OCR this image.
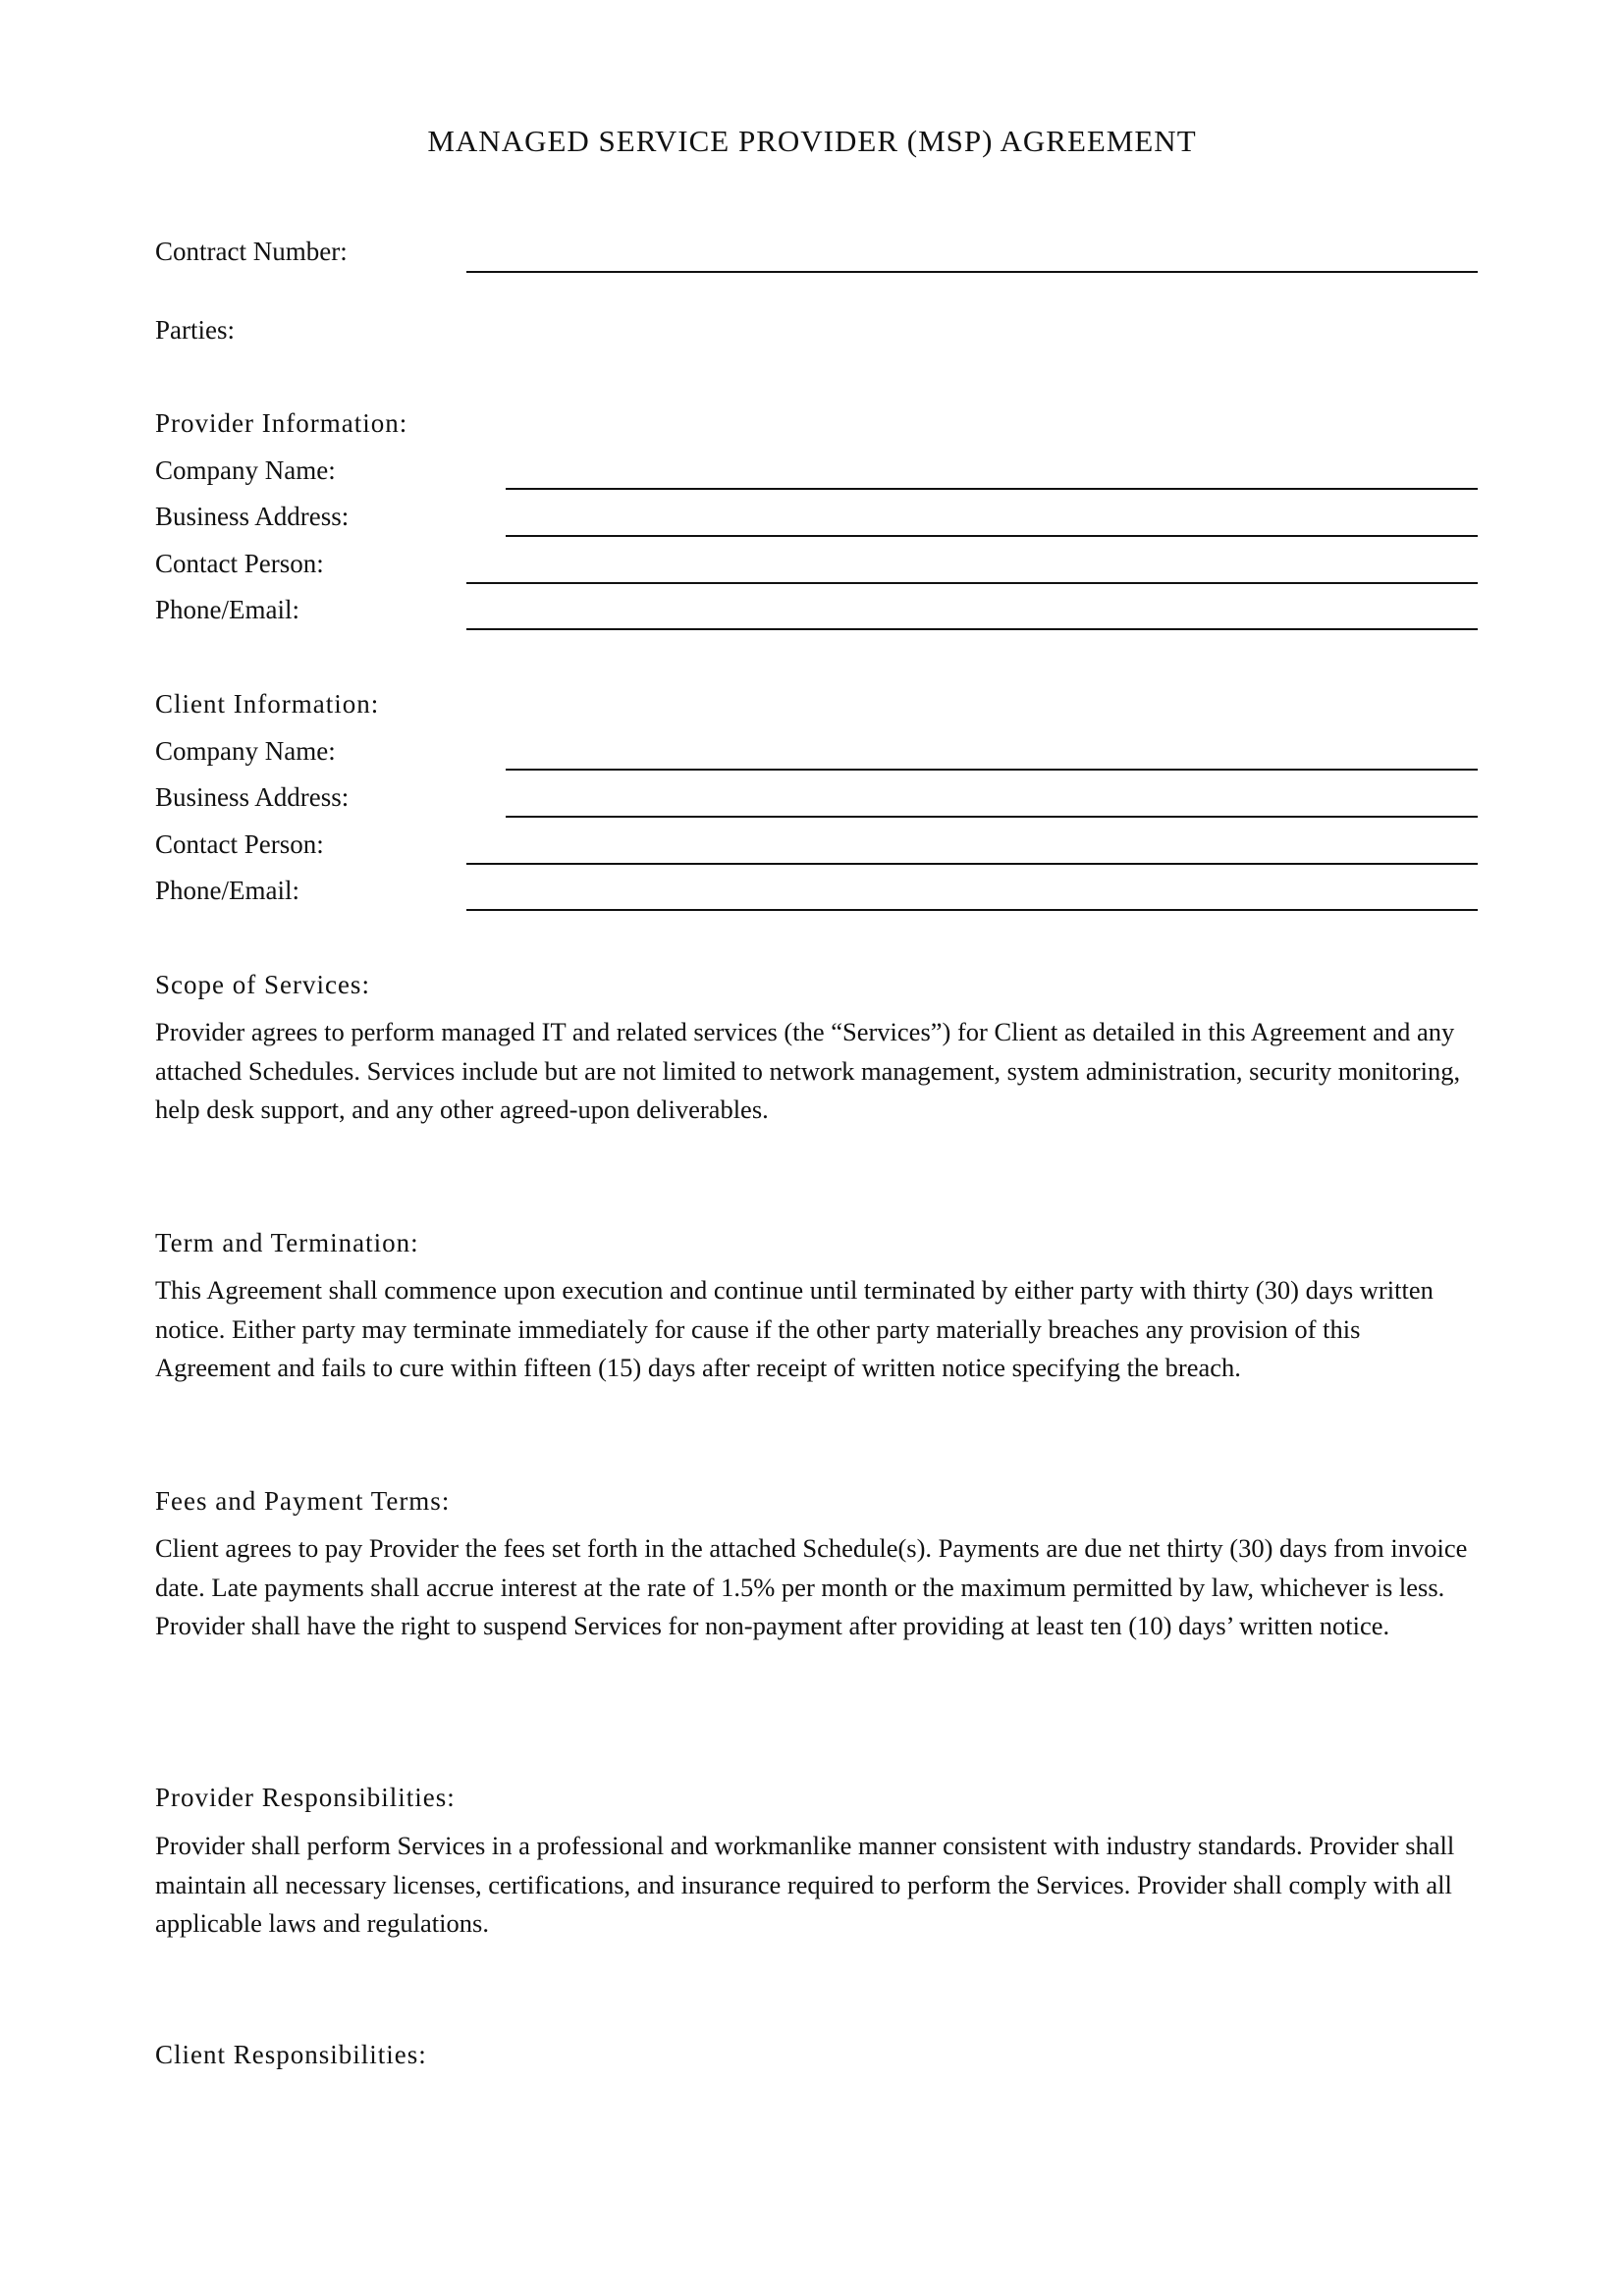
MANAGED SERVICE PROVIDER (MSP) AGREEMENT
Contract Number:
Parties:
Provider Information:
Company Name:
Business Address:
Contact Person:
Phone/Email:
Client Information:
Company Name:
Business Address:
Contact Person:
Phone/Email:
Scope of Services:
Provider agrees to perform managed IT and related services (the “Services”) for Client as detailed in this Agreement and any attached Schedules. Services include but are not limited to network management, system administration, security monitoring, help desk support, and any other agreed-upon deliverables.
Term and Termination:
This Agreement shall commence upon execution and continue until terminated by either party with thirty (30) days written notice. Either party may terminate immediately for cause if the other party materially breaches any provision of this Agreement and fails to cure within fifteen (15) days after receipt of written notice specifying the breach.
Fees and Payment Terms:
Client agrees to pay Provider the fees set forth in the attached Schedule(s). Payments are due net thirty (30) days from invoice date. Late payments shall accrue interest at the rate of 1.5% per month or the maximum permitted by law, whichever is less. Provider shall have the right to suspend Services for non-payment after providing at least ten (10) days’ written notice.
Provider Responsibilities:
Provider shall perform Services in a professional and workmanlike manner consistent with industry standards. Provider shall maintain all necessary licenses, certifications, and insurance required to perform the Services. Provider shall comply with all applicable laws and regulations.
Client Responsibilities:
